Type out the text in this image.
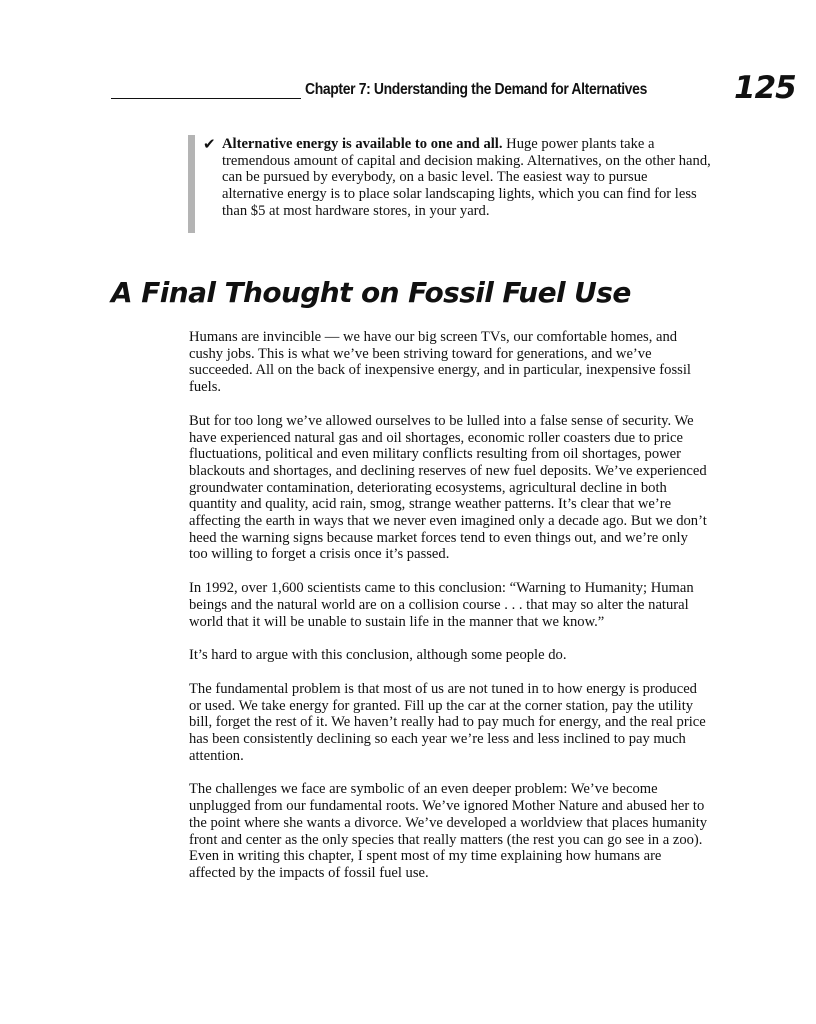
Chapter 7: Understanding the Demand for Alternatives	125
✔ Alternative energy is available to one and all. Huge power plants take a tremendous amount of capital and decision making. Alternatives, on the other hand, can be pursued by everybody, on a basic level. The easiest way to pursue alternative energy is to place solar landscaping lights, which you can find for less than $5 at most hardware stores, in your yard.
A Final Thought on Fossil Fuel Use

Humans are invincible — we have our big screen TVs, our comfortable homes, and cushy jobs. This is what we’ve been striving toward for generations, and we’ve succeeded. All on the back of inexpensive energy, and in particular, inexpensive fossil fuels.

But for too long we’ve allowed ourselves to be lulled into a false sense of security. We have experienced natural gas and oil shortages, economic roller coasters due to price fluctuations, political and even military conflicts resulting from oil shortages, power blackouts and shortages, and declining reserves of new fuel deposits. We’ve experienced groundwater contamination, deteriorating ecosystems, agricultural decline in both quantity and quality, acid rain, smog, strange weather patterns. It’s clear that we’re affecting the earth in ways that we never even imagined only a decade ago. But we don’t heed the warning signs because market forces tend to even things out, and we’re only too willing to forget a crisis once it’s passed.

In 1992, over 1,600 scientists came to this conclusion: “Warning to Humanity; Human beings and the natural world are on a collision course . . . that may so alter the natural world that it will be unable to sustain life in the manner that we know.”

It’s hard to argue with this conclusion, although some people do.

The fundamental problem is that most of us are not tuned in to how energy is produced or used. We take energy for granted. Fill up the car at the corner station, pay the utility bill, forget the rest of it. We haven’t really had to pay much for energy, and the real price has been consistently declining so each year we’re less and less inclined to pay much attention.

The challenges we face are symbolic of an even deeper problem: We’ve become unplugged from our fundamental roots. We’ve ignored Mother Nature and abused her to the point where she wants a divorce. We’ve developed a worldview that places humanity front and center as the only species that really matters (the rest you can go see in a zoo). Even in writing this chapter, I spent most of my time explaining how humans are affected by the impacts of fossil fuel use.
